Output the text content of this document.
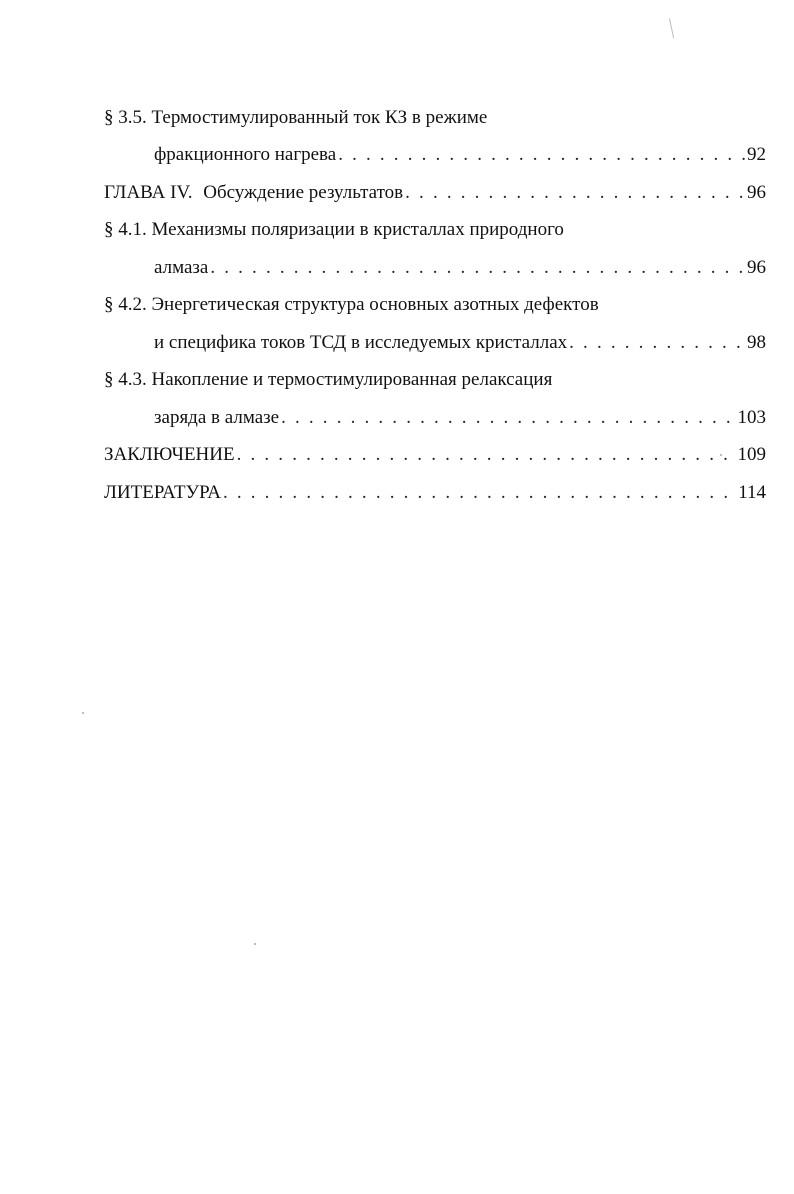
§ 3.5. Термостимулированный ток КЗ в режиме
фракционного нагрева . . .	92
ГЛАВА IV. Обсуждение результатов . . .	96
§ 4.1. Механизмы поляризации в кристаллах природного
алмаза . . .	96
§ 4.2. Энергетическая структура основных азотных дефектов
и специфика токов ТСД в исследуемых кристаллах . . .	98
§ 4.3. Накопление и термостимулированная релаксация
заряда в алмазе . . .	103
ЗАКЛЮЧЕНИЕ . . .	109
ЛИТЕРАТУРА . . .	114
